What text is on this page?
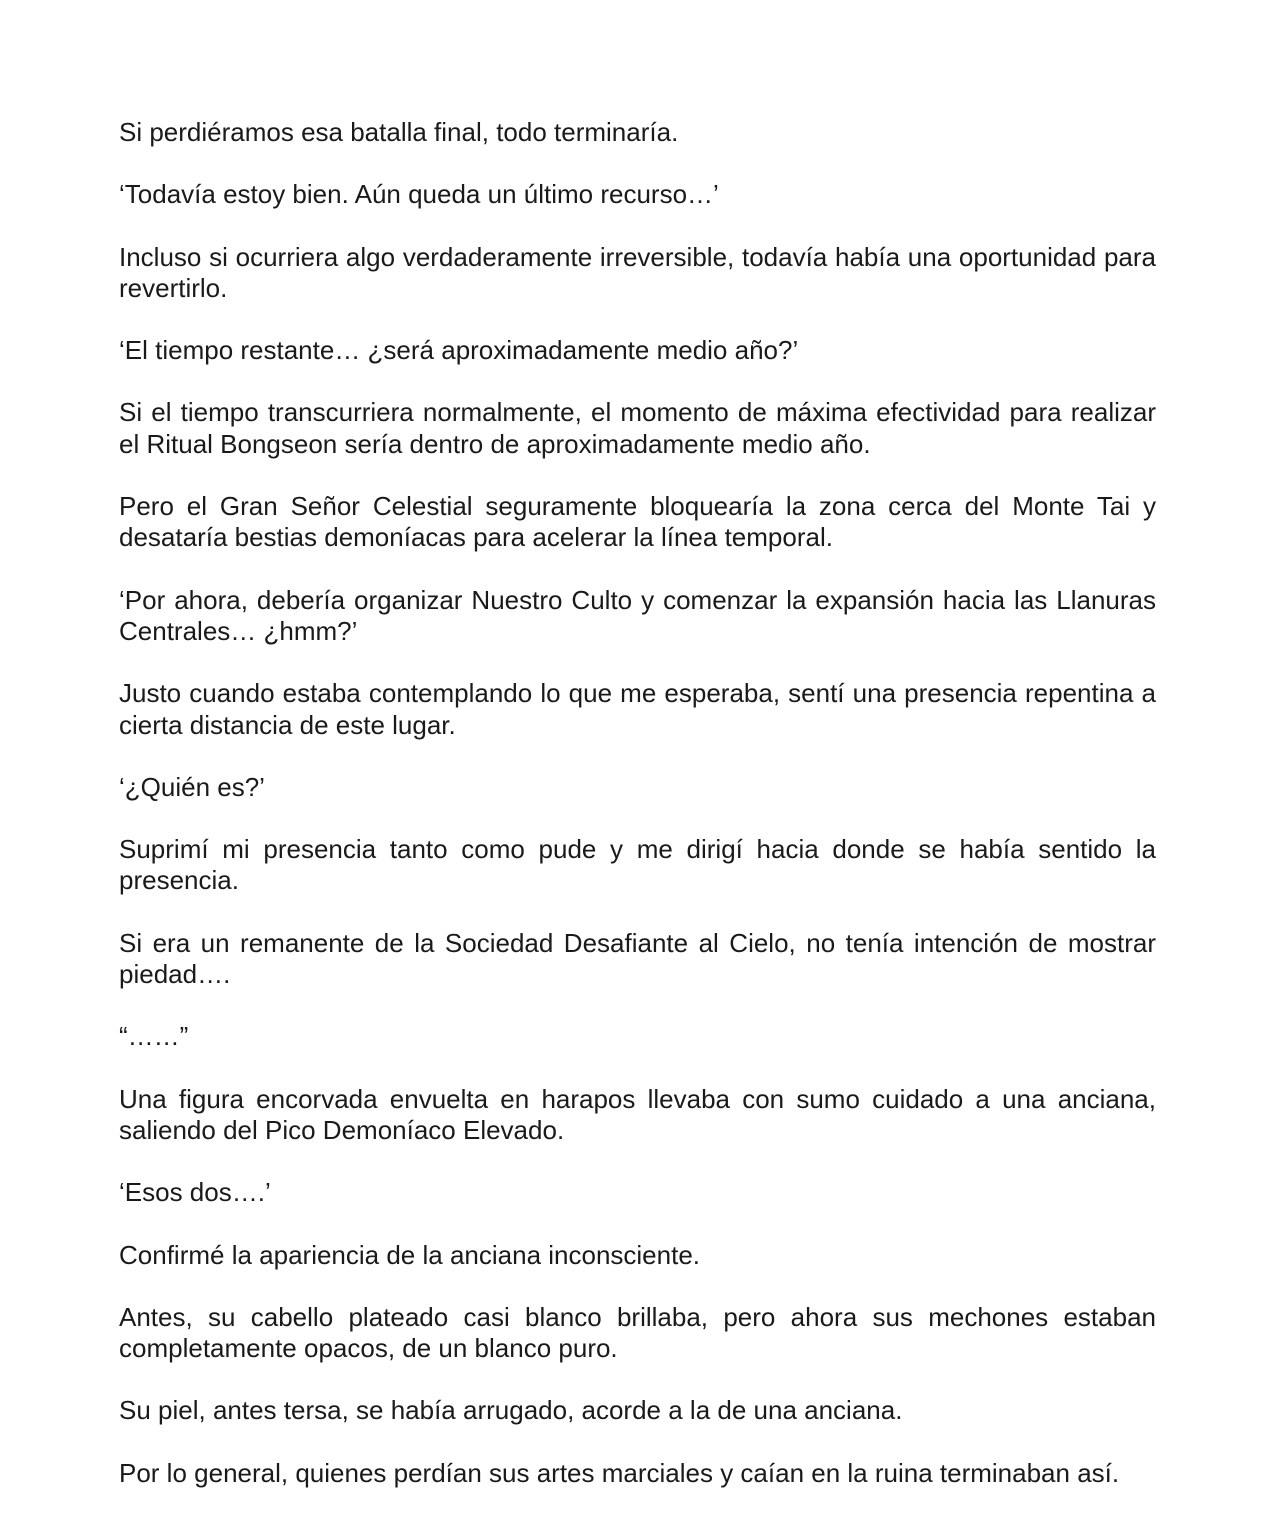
Si perdiéramos esa batalla final, todo terminaría.

‘Todavía estoy bien. Aún queda un último recurso…’

Incluso si ocurriera algo verdaderamente irreversible, todavía había una oportunidad para revertirlo.

‘El tiempo restante… ¿será aproximadamente medio año?’

Si el tiempo transcurriera normalmente, el momento de máxima efectividad para realizar el Ritual Bongseon sería dentro de aproximadamente medio año.

Pero el Gran Señor Celestial seguramente bloquearía la zona cerca del Monte Tai y desataría bestias demoníacas para acelerar la línea temporal.

‘Por ahora, debería organizar Nuestro Culto y comenzar la expansión hacia las Llanuras Centrales… ¿hmm?’

Justo cuando estaba contemplando lo que me esperaba, sentí una presencia repentina a cierta distancia de este lugar.

‘¿Quién es?’

Suprimí mi presencia tanto como pude y me dirigí hacia donde se había sentido la presencia.

Si era un remanente de la Sociedad Desafiante al Cielo, no tenía intención de mostrar piedad….

“……”

Una figura encorvada envuelta en harapos llevaba con sumo cuidado a una anciana, saliendo del Pico Demoníaco Elevado.

‘Esos dos….’

Confirmé la apariencia de la anciana inconsciente.

Antes, su cabello plateado casi blanco brillaba, pero ahora sus mechones estaban completamente opacos, de un blanco puro.

Su piel, antes tersa, se había arrugado, acorde a la de una anciana.

Por lo general, quienes perdían sus artes marciales y caían en la ruina terminaban así.
